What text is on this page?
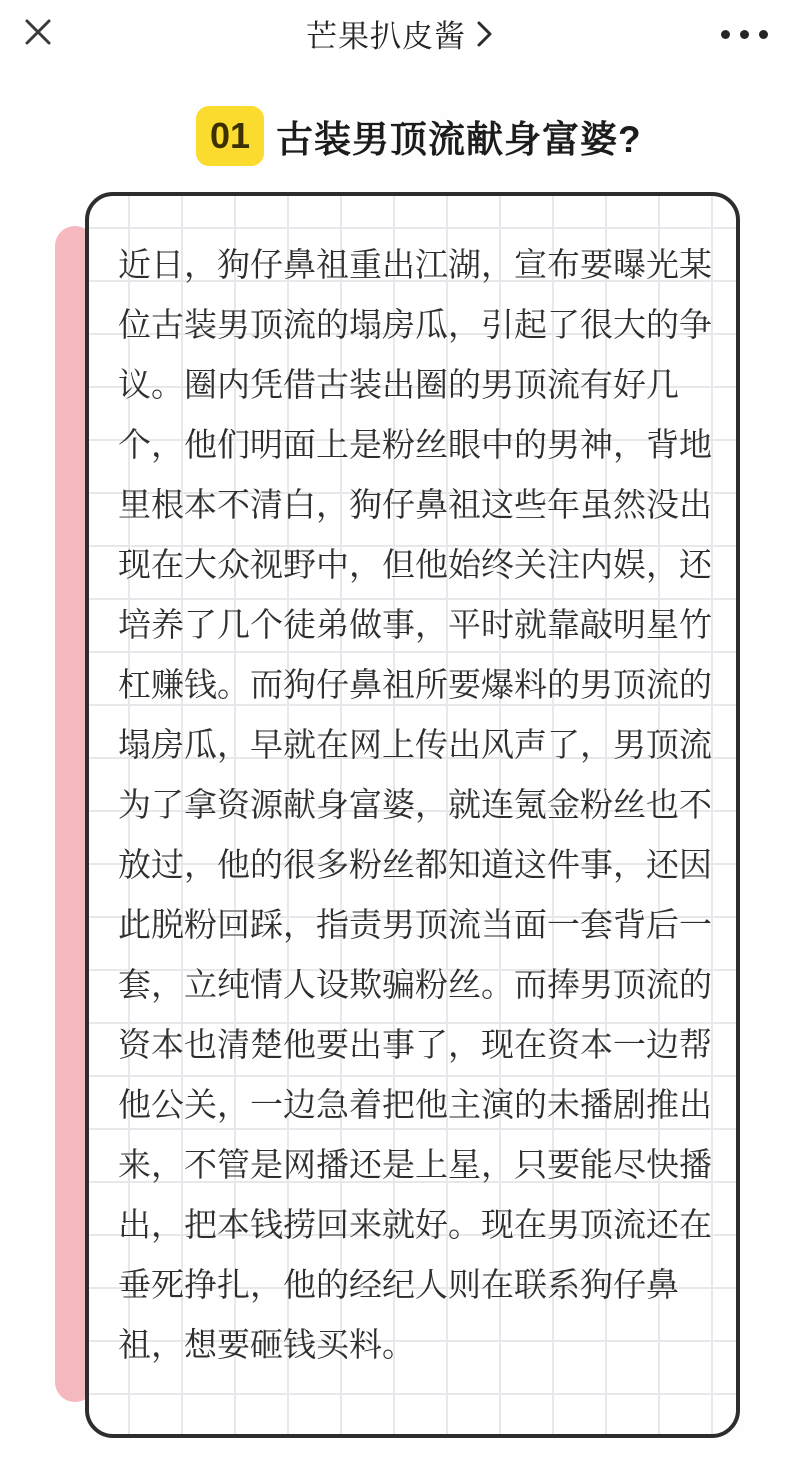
芒果扒皮酱
01 古装男顶流献身富婆?
近日，狗仔鼻祖重出江湖，宣布要曝光某
位古装男顶流的塌房瓜，引起了很大的争
议。圈内凭借古装出圈的男顶流有好几
个，他们明面上是粉丝眼中的男神，背地
里根本不清白，狗仔鼻祖这些年虽然没出
现在大众视野中，但他始终关注内娱，还
培养了几个徒弟做事，平时就靠敲明星竹
杠赚钱。而狗仔鼻祖所要爆料的男顶流的
塌房瓜，早就在网上传出风声了，男顶流
为了拿资源献身富婆，就连氪金粉丝也不
放过，他的很多粉丝都知道这件事，还因
此脱粉回踩，指责男顶流当面一套背后一
套，立纯情人设欺骗粉丝。而捧男顶流的
资本也清楚他要出事了，现在资本一边帮
他公关，一边急着把他主演的未播剧推出
来，不管是网播还是上星，只要能尽快播
出，把本钱捞回来就好。现在男顶流还在
垂死挣扎，他的经纪人则在联系狗仔鼻
祖，想要砸钱买料。
